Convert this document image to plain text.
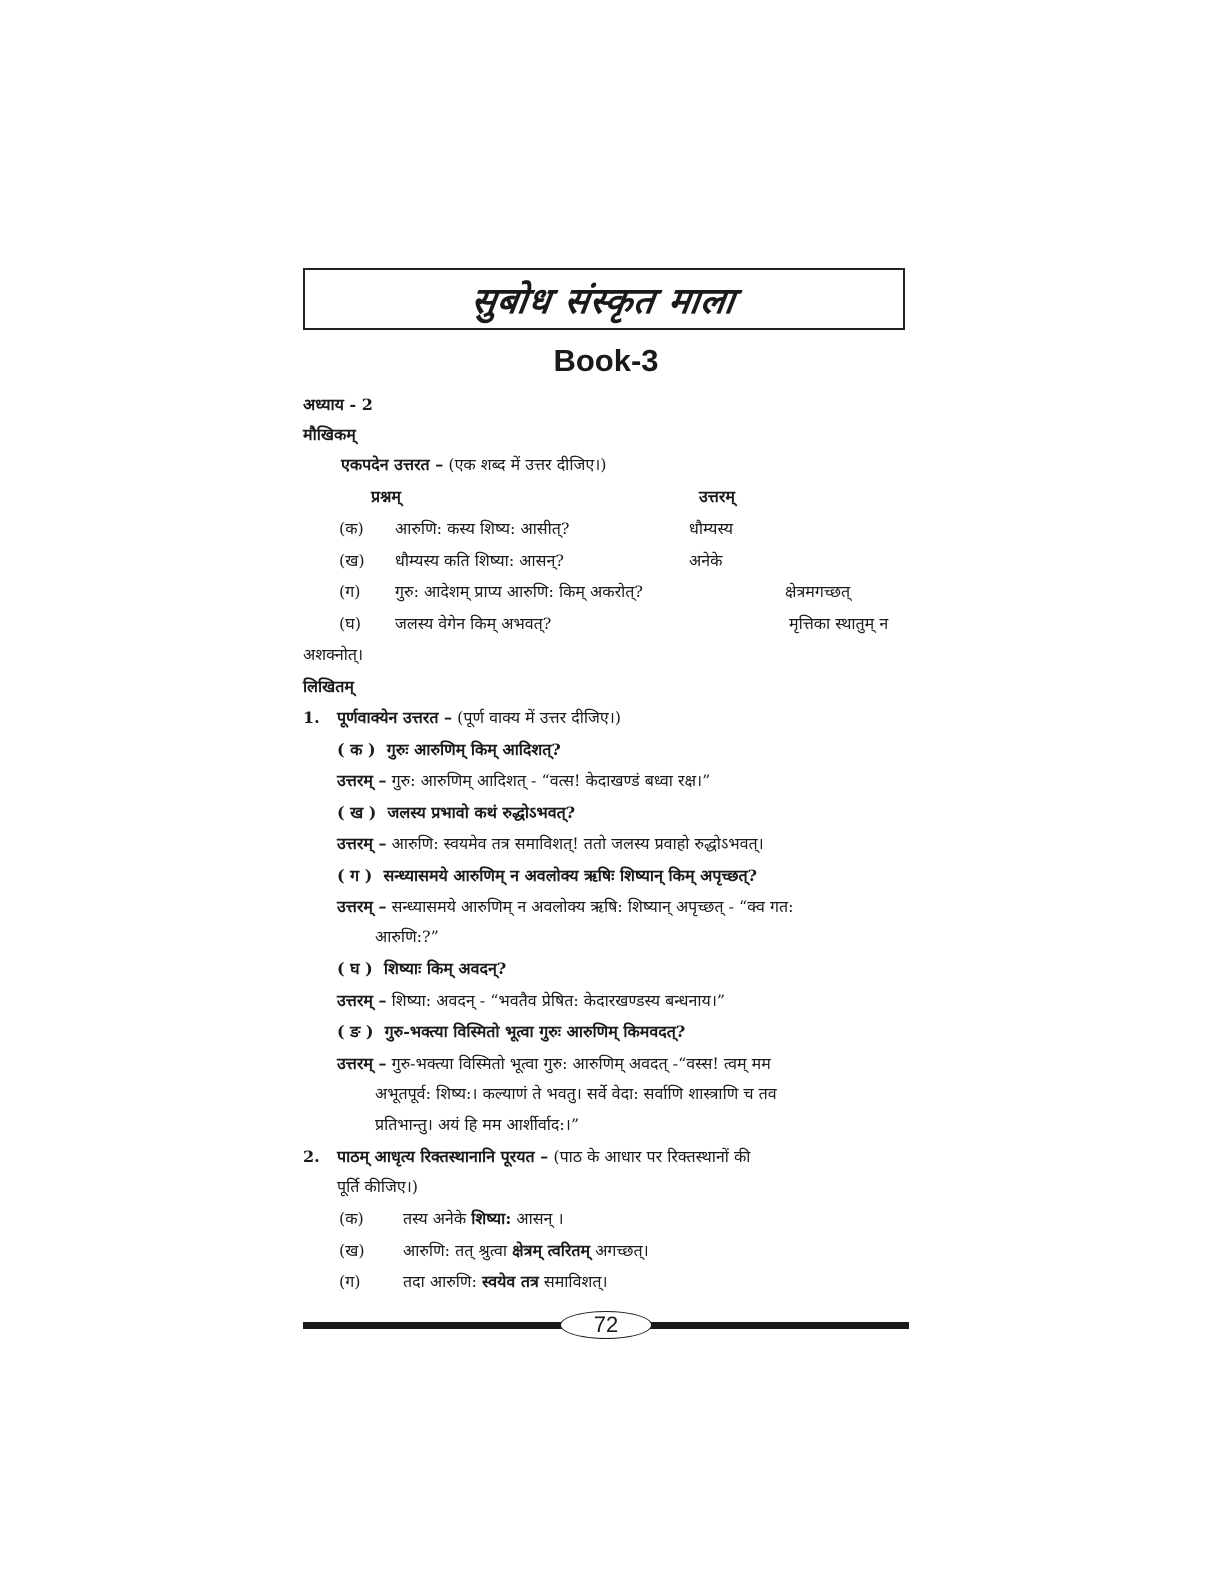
सुबोध संस्कृत माला
Book-3
अध्याय - 2
मौखिकम्
एकपदेन उत्तरत – (एक शब्द में उत्तर दीजिए।)
प्रश्नम्	उत्तरम्
(क) आरुणि: कस्य शिष्य: आसीत्?	धौम्यस्य
(ख) धौम्यस्य कति शिष्या: आसन्?	अनेके
(ग) गुरु: आदेशम् प्राप्य आरुणि: किम् अकरोत्?	क्षेत्रमगच्छत्
(घ) जलस्य वेगेन किम् अभवत्?	मृत्तिका स्थातुम् न
अशक्नोत्।
लिखितम्
1. पूर्णवाक्येन उत्तरत – (पूर्ण वाक्य में उत्तर दीजिए।)
( क ) गुरुः आरुणिम् किम् आदिशत्?
उत्तरम् – गुरु: आरुणिम् आदिशत् - “वत्स! केदाखण्डं बध्वा रक्ष।”
( ख ) जलस्य प्रभावो कथं रुद्धोऽभवत्?
उत्तरम् – आरुणि: स्वयमेव तत्र समाविशत्! ततो जलस्य प्रवाहो रुद्धोऽभवत्।
( ग ) सन्ध्यासमये आरुणिम् न अवलोक्य ऋषिः शिष्यान् किम् अपृच्छत्?
उत्तरम् – सन्ध्यासमये आरुणिम् न अवलोक्य ऋषि: शिष्यान् अपृच्छत् - “क्व गत:
आरुणि:?”
( घ ) शिष्याः किम् अवदन्?
उत्तरम् – शिष्या: अवदन् - “भवतैव प्रेषित: केदारखण्डस्य बन्धनाय।”
( ङ ) गुरु-भक्त्या विस्मितो भूत्वा गुरुः आरुणिम् किमवदत्?
उत्तरम् – गुरु-भक्त्या विस्मितो भूत्वा गुरु: आरुणिम् अवदत् -“वस्स! त्वम् मम
अभूतपूर्व: शिष्य:। कल्याणं ते भवतु। सर्वे वेदा: सर्वाणि शास्त्राणि च तव
प्रतिभान्तु। अयं हि मम आर्शीर्वाद:।”
2. पाठम् आधृत्य रिक्तस्थानानि पूरयत – (पाठ के आधार पर रिक्तस्थानों की
पूर्ति कीजिए।)
(क) तस्य अनेके शिष्या: आसन् ।
(ख) आरुणि: तत् श्रुत्वा क्षेत्रम् त्वरितम् अगच्छत्।
(ग)	तदा आरुणि: स्वयेव तत्र समाविशत्।
72
